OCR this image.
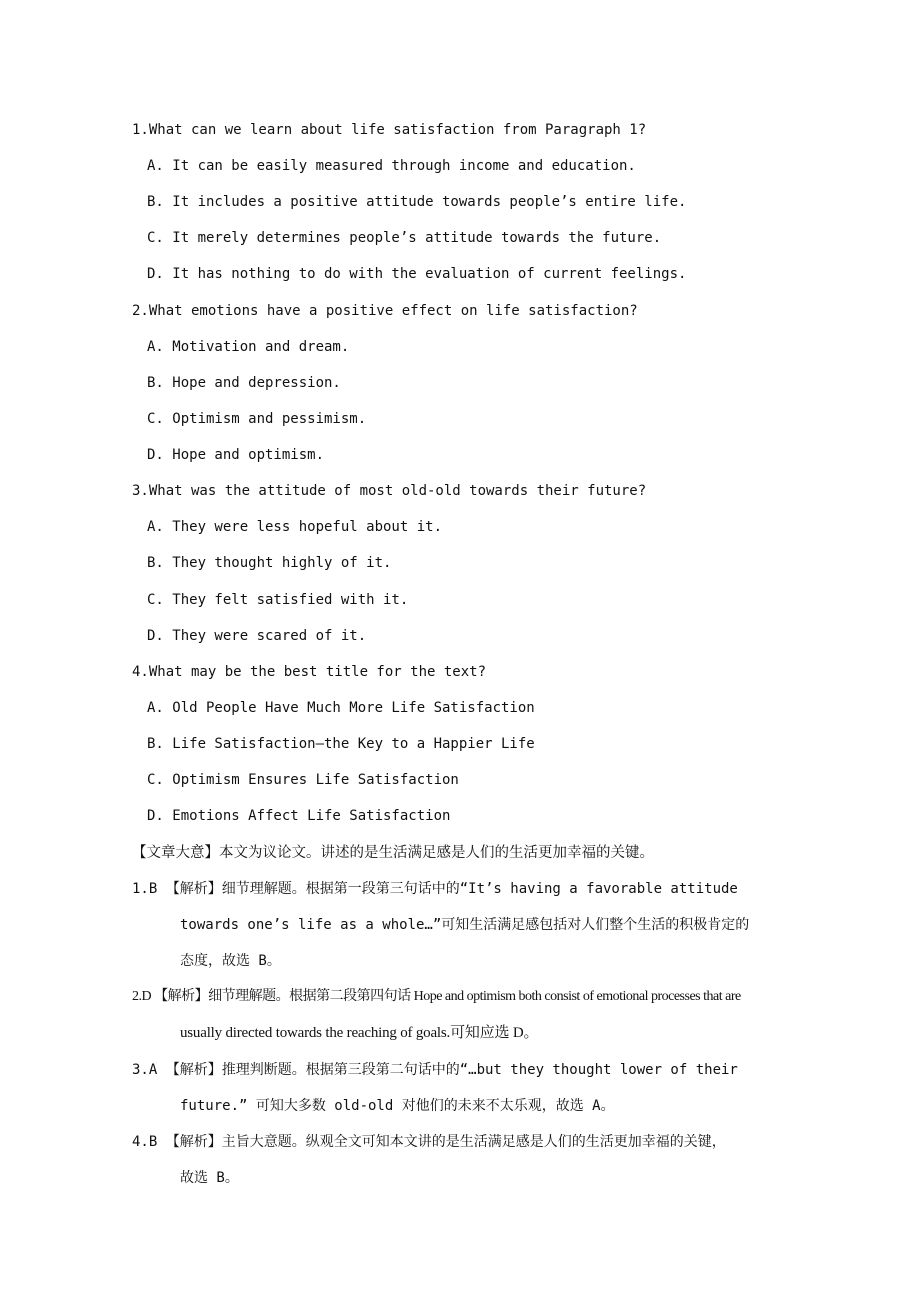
1.What can we learn about life satisfaction from Paragraph 1?
A. It can be easily measured through income and education.
B. It includes a positive attitude towards people’s entire life.
C. It merely determines people’s attitude towards the future.
D. It has nothing to do with the evaluation of current feelings.
2.What emotions have a positive effect on life satisfaction?
A. Motivation and dream.
B. Hope and depression.
C. Optimism and pessimism.
D. Hope and optimism.
3.What was the attitude of most old-old towards their future?
A. They were less hopeful about it.
B. They thought highly of it.
C. They felt satisfied with it.
D. They were scared of it.
4.What may be the best title for the text?
A. Old People Have Much More Life Satisfaction
B. Life Satisfaction—the Key to a Happier Life
C. Optimism Ensures Life Satisfaction
D. Emotions Affect Life Satisfaction
【文章大意】本文为议论文。讲述的是生活满足感是人们的生活更加幸福的关键。
1.B 【解析】细节理解题。根据第一段第三句话中的“It’s having a favorable attitude
towards one’s life as a whole…”可知生活满足感包括对人们整个生活的积极肯定的
态度，故选 B。
2.D 【解析】细节理解题。根据第二段第四句话 Hope and optimism both consist of emotional processes that are
usually directed towards the reaching of goals.可知应选 D。
3.A 【解析】推理判断题。根据第三段第二句话中的“…but they thought lower of their
future.” 可知大多数 old-old 对他们的未来不太乐观，故选 A。
4.B 【解析】主旨大意题。纵观全文可知本文讲的是生活满足感是人们的生活更加幸福的关键，
故选 B。
